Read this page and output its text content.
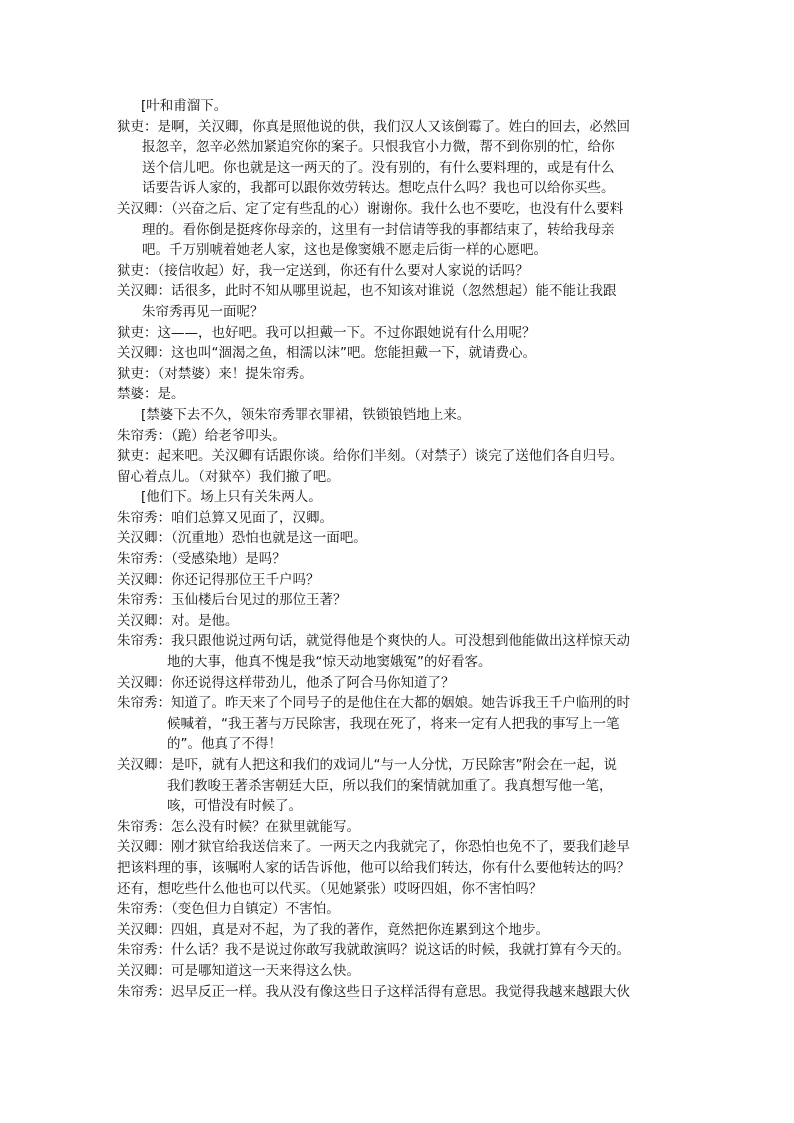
[叶和甫溜下。
狱吏：是啊，关汉卿，你真是照他说的供，我们汉人又该倒霉了。姓白的回去，必然回
报忽辛，忽辛必然加紧追究你的案子。只恨我官小力微，帮不到你别的忙，给你
送个信儿吧。你也就是这一两天的了。没有别的，有什么要料理的，或是有什么
话要告诉人家的，我都可以跟你效劳转达。想吃点什么吗？我也可以给你买些。
关汉卿：（兴奋之后、定了定有些乱的心）谢谢你。我什么也不要吃，也没有什么要料
理的。看你倒是挺疼你母亲的，这里有一封信请等我的事都结束了，转给我母亲
吧。千万别唬着她老人家，这也是像窦娥不愿走后街一样的心愿吧。
狱吏：（接信收起）好，我一定送到，你还有什么要对人家说的话吗？
关汉卿：话很多，此时不知从哪里说起，也不知该对谁说（忽然想起）能不能让我跟
朱帘秀再见一面呢？
狱吏：这——，也好吧。我可以担戴一下。不过你跟她说有什么用呢？
关汉卿：这也叫“涸渴之鱼，相濡以沫”吧。您能担戴一下，就请费心。
狱吏：（对禁婆）来！提朱帘秀。
禁婆：是。
[禁婆下去不久，领朱帘秀罪衣罪裙，铁锁锒铛地上来。
朱帘秀：（跪）给老爷叩头。
狱吏：起来吧。关汉卿有话跟你谈。给你们半刻。（对禁子）谈完了送他们各自归号。
留心着点儿。（对狱卒）我们撤了吧。
[他们下。场上只有关朱两人。
朱帘秀：咱们总算又见面了，汉卿。
关汉卿：（沉重地）恐怕也就是这一面吧。
朱帘秀：（受感染地）是吗？
关汉卿：你还记得那位王千户吗？
朱帘秀：玉仙楼后台见过的那位王著？
关汉卿：对。是他。
朱帘秀：我只跟他说过两句话，就觉得他是个爽快的人。可没想到他能做出这样惊天动
地的大事，他真不愧是我“惊天动地窦娥冤”的好看客。
关汉卿：你还说得这样带劲儿，他杀了阿合马你知道了？
朱帘秀：知道了。昨天来了个同号子的是他住在大都的姻娘。她告诉我王千户临刑的时
候喊着，“我王著与万民除害，我现在死了，将来一定有人把我的事写上一笔
的”。他真了不得！
关汉卿：是吓，就有人把这和我们的戏词儿“与一人分忧，万民除害”附会在一起，说
我们教唆王著杀害朝廷大臣，所以我们的案情就加重了。我真想写他一笔，
咳，可惜没有时候了。
朱帘秀：怎么没有时候？在狱里就能写。
关汉卿：刚才狱官给我送信来了。一两天之内我就完了，你恐怕也免不了，要我们趁早
把该料理的事，该嘱咐人家的话告诉他，他可以给我们转达，你有什么要他转达的吗？
还有，想吃些什么他也可以代买。（见她紧张）哎呀四姐，你不害怕吗？
朱帘秀：（变色但力自镇定）不害怕。
关汉卿：四姐，真是对不起，为了我的著作，竟然把你连累到这个地步。
朱帘秀：什么话？我不是说过你敢写我就敢演吗？说这话的时候，我就打算有今天的。
关汉卿：可是哪知道这一天来得这么快。
朱帘秀：迟早反正一样。我从没有像这些日子这样活得有意思。我觉得我越来越跟大伙
